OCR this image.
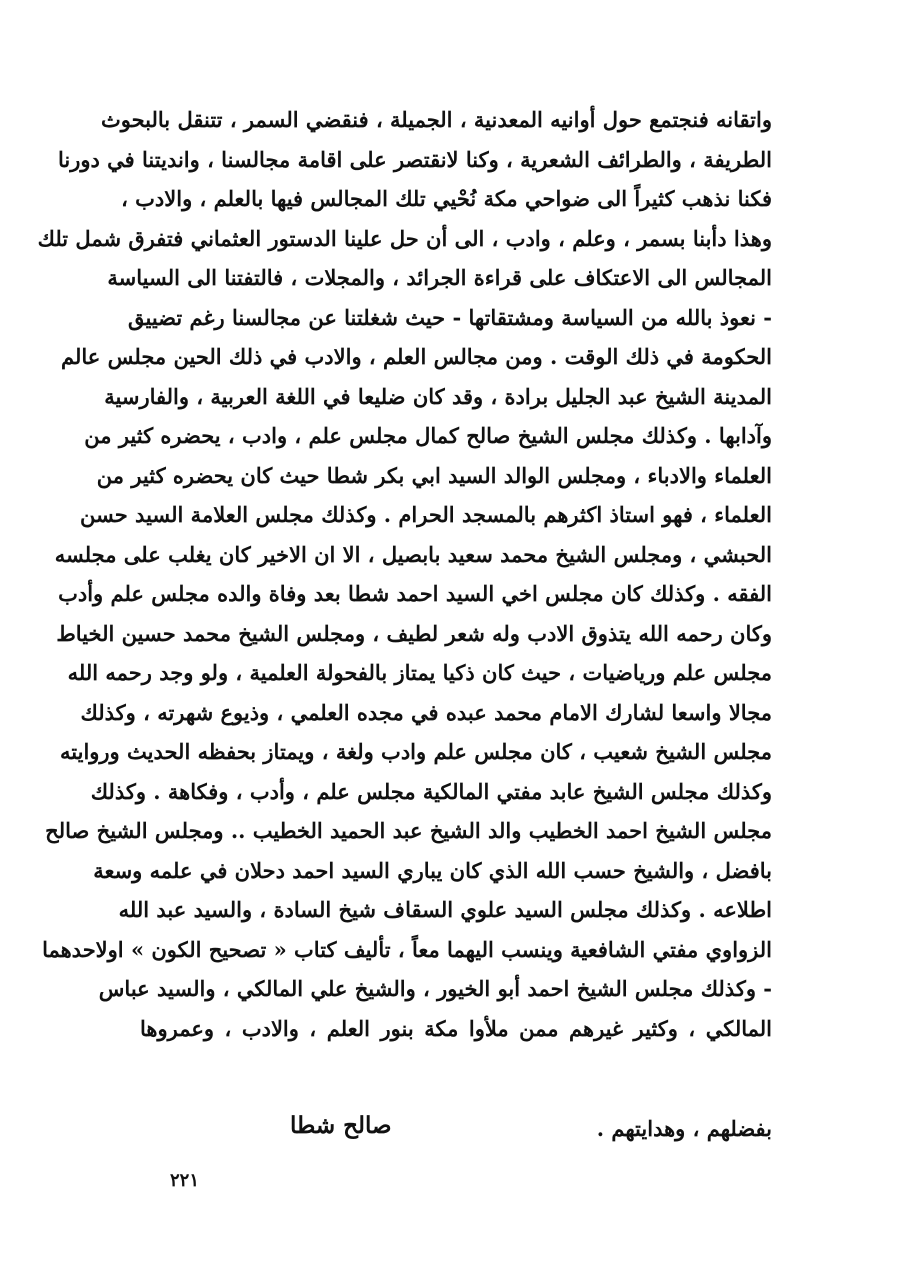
واتقانه فنجتمع حول أوانيه المعدنية ، الجميلة ، فنقضي السمر ، تتنقل بالبحوث
الطريفة ، والطرائف الشعرية ، وكنا لانقتصر على اقامة مجالسنا ، وانديتنا في دورنا
فكنا نذهب كثيراً الى ضواحي مكة نُحْيي تلك المجالس فيها بالعلم ، والادب ،
وهذا دأبنا بسمر ، وعلم ، وادب ، الى أن حل علينا الدستور العثماني فتفرق شمل تلك
المجالس الى الاعتكاف على قراءة الجرائد ، والمجلات ، فالتفتنا الى السياسة
- نعوذ بالله من السياسة ومشتقاتها - حيث شغلتنا عن مجالسنا رغم تضييق
الحكومة في ذلك الوقت . ومن مجالس العلم ، والادب في ذلك الحين مجلس عالم
المدينة الشيخ عبد الجليل برادة ، وقد كان ضليعا في اللغة العربية ، والفارسية
وآدابها . وكذلك مجلس الشيخ صالح كمال مجلس علم ، وادب ، يحضره كثير من
العلماء والادباء ، ومجلس الوالد السيد ابي بكر شطا حيث كان يحضره كثير من
العلماء ، فهو استاذ اكثرهم بالمسجد الحرام . وكذلك مجلس العلامة السيد حسن
الحبشي ، ومجلس الشيخ محمد سعيد بابصيل ، الا ان الاخير كان يغلب على مجلسه
الفقه . وكذلك كان مجلس اخي السيد احمد شطا بعد وفاة والده مجلس علم وأدب
وكان رحمه الله يتذوق الادب وله شعر لطيف ، ومجلس الشيخ محمد حسين الخياط
مجلس علم ورياضيات ، حيث كان ذكيا يمتاز بالفحولة العلمية ، ولو وجد رحمه الله
مجالا واسعا لشارك الامام محمد عبده في مجده العلمي ، وذيوع شهرته ، وكذلك
مجلس الشيخ شعيب ، كان مجلس علم وادب ولغة ، ويمتاز بحفظه الحديث وروايته
وكذلك مجلس الشيخ عابد مفتي المالكية مجلس علم ، وأدب ، وفكاهة . وكذلك
مجلس الشيخ احمد الخطيب والد الشيخ عبد الحميد الخطيب .. ومجلس الشيخ صالح
بافضل ، والشيخ حسب الله الذي كان يباري السيد احمد دحلان في علمه وسعة
اطلاعه . وكذلك مجلس السيد علوي السقاف شيخ السادة ، والسيد عبد الله
الزواوي مفتي الشافعية وينسب اليهما معاً ، تأليف كتاب « تصحيح الكون » اولاحدهما
- وكذلك مجلس الشيخ احمد أبو الخيور ، والشيخ علي المالكي ، والسيد عباس
المالكي ، وكثير غيرهم ممن ملأوا مكة بنور العلم ، والادب ، وعمروها
بفضلهم ، وهدايتهم .
صالح شطا
٢٢١
